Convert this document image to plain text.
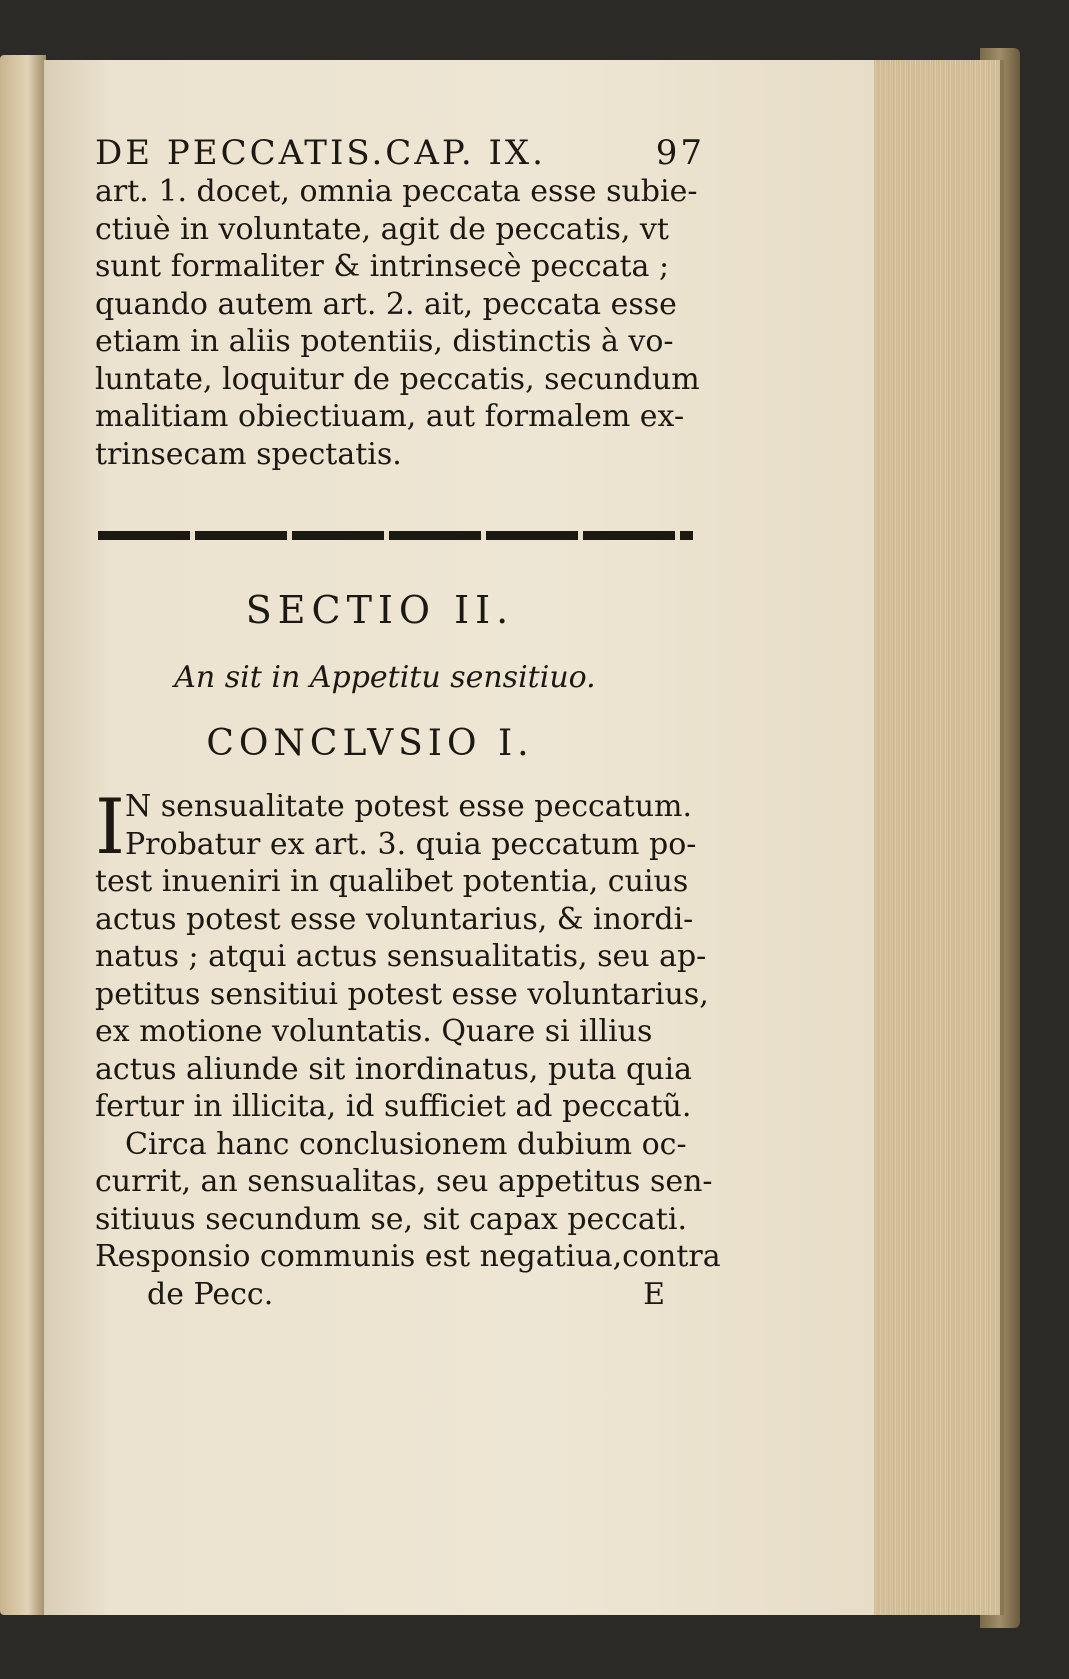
DE PECCATIS.CAP. IX.	97
art. 1. docet, omnia peccata esse subie-
ctiuè in voluntate, agit de peccatis, vt
sunt formaliter & intrinsecè peccata ;
quando autem art. 2. ait, peccata esse
etiam in aliis potentiis, distinctis à vo-
luntate, loquitur de peccatis, secundum
malitiam obiectiuam, aut formalem ex-
trinsecam spectatis.
SECTIO II.
An sit in Appetitu sensitiuo.
CONCLVSIO I.
I N sensualitate potest esse peccatum.
Probatur ex art. 3. quia peccatum po-
test inueniri in qualibet potentia, cuius
actus potest esse voluntarius, & inordi-
natus ; atqui actus sensualitatis, seu ap-
petitus sensitiui potest esse voluntarius,
ex motione voluntatis. Quare si illius
actus aliunde sit inordinatus, puta quia
fertur in illicita, id sufficiet ad peccatũ.
Circa hanc conclusionem dubium oc-
currit, an sensualitas, seu appetitus sen-
sitiuus secundum se, sit capax peccati.
Responsio communis est negatiua,contra
de Pecc.	E
